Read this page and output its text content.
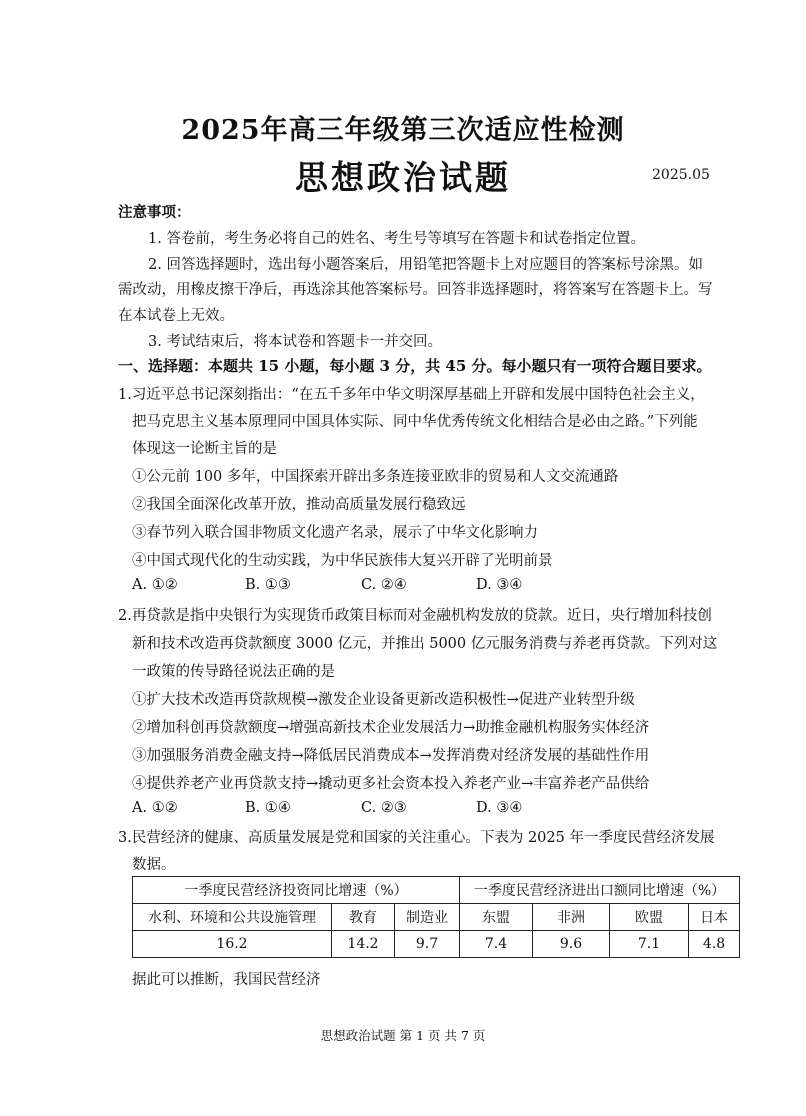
2025年高三年级第三次适应性检测
思想政治试题	2025.05
注意事项：
1. 答卷前，考生务必将自己的姓名、考生号等填写在答题卡和试卷指定位置。
2. 回答选择题时，选出每小题答案后，用铅笔把答题卡上对应题目的答案标号涂黑。如
需改动，用橡皮擦干净后，再选涂其他答案标号。回答非选择题时，将答案写在答题卡上。写
在本试卷上无效。
3. 考试结束后，将本试卷和答题卡一并交回。
一、选择题：本题共 15 小题，每小题 3 分，共 45 分。每小题只有一项符合题目要求。
1.习近平总书记深刻指出：“在五千多年中华文明深厚基础上开辟和发展中国特色社会主义，
把马克思主义基本原理同中国具体实际、同中华优秀传统文化相结合是必由之路。”下列能
体现这一论断主旨的是
①公元前 100 多年，中国探索开辟出多条连接亚欧非的贸易和人文交流通路
②我国全面深化改革开放，推动高质量发展行稳致远
③春节列入联合国非物质文化遗产名录，展示了中华文化影响力
④中国式现代化的生动实践，为中华民族伟大复兴开辟了光明前景
A. ①②	B. ①③	C. ②④	D. ③④
2.再贷款是指中央银行为实现货币政策目标而对金融机构发放的贷款。近日，央行增加科技创
新和技术改造再贷款额度 3000 亿元，并推出 5000 亿元服务消费与养老再贷款。下列对这
一政策的传导路径说法正确的是
①扩大技术改造再贷款规模→激发企业设备更新改造积极性→促进产业转型升级
②增加科创再贷款额度→增强高新技术企业发展活力→助推金融机构服务实体经济
③加强服务消费金融支持→降低居民消费成本→发挥消费对经济发展的基础性作用
④提供养老产业再贷款支持→撬动更多社会资本投入养老产业→丰富养老产品供给
A. ①②	B. ①④	C. ②③	D. ③④
3.民营经济的健康、高质量发展是党和国家的关注重心。下表为 2025 年一季度民营经济发展
数据。
一季度民营经济投资同比增速（%）			一季度民营经济进出口额同比增速（%）			
水利、环境和公共设施管理	教育	制造业	东盟	非洲	欧盟	日本
16.2	14.2	9.7	7.4	9.6	7.1	4.8
据此可以推断，我国民营经济
思想政治试题 第 1 页 共 7 页
